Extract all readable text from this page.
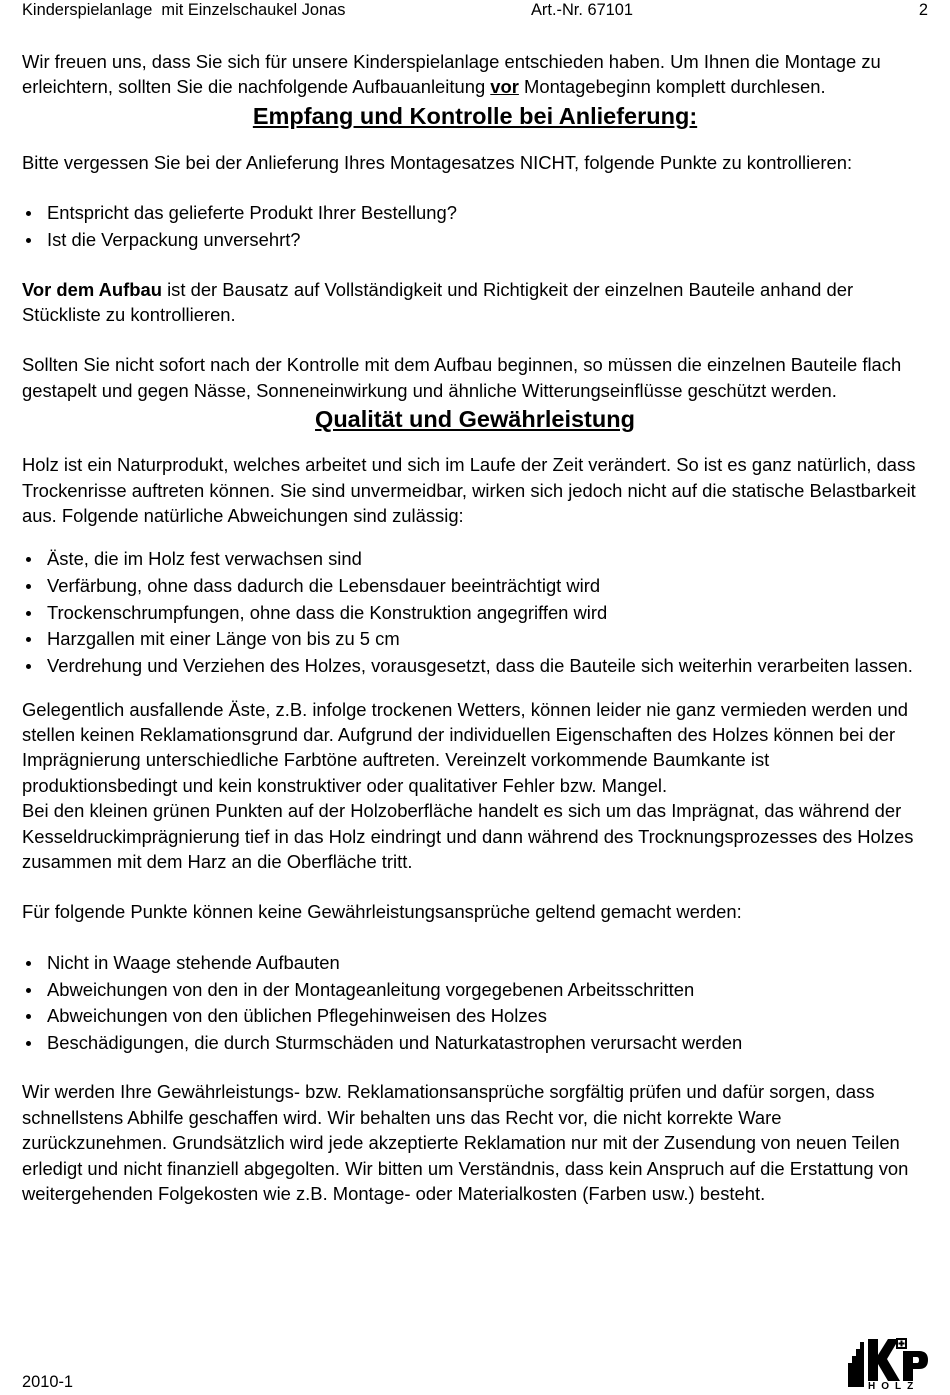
Kinderspielanlage  mit Einzelschaukel Jonas	Art.-Nr. 67101	2

Wir freuen uns, dass Sie sich für unsere Kinderspielanlage entschieden haben. Um Ihnen die Montage zu erleichtern, sollten Sie die nachfolgende Aufbauanleitung vor Montagebeginn komplett durchlesen.

Empfang und Kontrolle bei Anlieferung:

Bitte vergessen Sie bei der Anlieferung Ihres Montagesatzes NICHT, folgende Punkte zu kontrollieren:

Entspricht das gelieferte Produkt Ihrer Bestellung?
Ist die Verpackung unversehrt?

Vor dem Aufbau ist der Bausatz auf Vollständigkeit und Richtigkeit der einzelnen Bauteile anhand der Stückliste zu kontrollieren.

Sollten Sie nicht sofort nach der Kontrolle mit dem Aufbau beginnen, so müssen die einzelnen Bauteile flach gestapelt und gegen Nässe, Sonneneinwirkung und ähnliche Witterungseinflüsse geschützt werden.

Qualität und Gewährleistung

Holz ist ein Naturprodukt, welches arbeitet und sich im Laufe der Zeit verändert. So ist es ganz natürlich, dass Trockenrisse auftreten können. Sie sind unvermeidbar, wirken sich jedoch nicht auf die statische Belastbarkeit aus. Folgende natürliche Abweichungen sind zulässig:

Äste, die im Holz fest verwachsen sind
Verfärbung, ohne dass dadurch die Lebensdauer beeinträchtigt wird
Trockenschrumpfungen, ohne dass die Konstruktion angegriffen wird
Harzgallen mit einer Länge von bis zu 5 cm
Verdrehung und Verziehen des Holzes, vorausgesetzt, dass die Bauteile sich weiterhin verarbeiten lassen.

Gelegentlich ausfallende Äste, z.B. infolge trockenen Wetters, können leider nie ganz vermieden werden und stellen keinen Reklamationsgrund dar. Aufgrund der individuellen Eigenschaften des Holzes können bei der Imprägnierung unterschiedliche Farbtöne auftreten. Vereinzelt vorkommende Baumkante ist produktionsbedingt und kein konstruktiver oder qualitativer Fehler bzw. Mangel.

Bei den kleinen grünen Punkten auf der Holzoberfläche handelt es sich um das Imprägnat, das während der Kesseldruckimprägnierung tief in das Holz eindringt und dann während des Trocknungsprozesses des Holzes zusammen mit dem Harz an die Oberfläche tritt.

Für folgende Punkte können keine Gewährleistungsansprüche geltend gemacht werden:

Nicht in Waage stehende Aufbauten
Abweichungen von den in der Montageanleitung vorgegebenen Arbeitsschritten
Abweichungen von den üblichen Pflegehinweisen des Holzes
Beschädigungen, die durch Sturmschäden und Naturkatastrophen verursacht werden

Wir werden Ihre Gewährleistungs- bzw. Reklamationsansprüche sorgfältig prüfen und dafür sorgen, dass schnellstens Abhilfe geschaffen wird. Wir behalten uns das Recht vor, die nicht korrekte Ware zurückzunehmen. Grundsätzlich wird jede akzeptierte Reklamation nur mit der Zusendung von neuen Teilen erledigt und nicht finanziell abgegolten. Wir bitten um Verständnis, dass kein Anspruch auf die Erstattung von weitergehenden Folgekosten wie z.B. Montage- oder Materialkosten (Farben usw.) besteht.

2010-1	HOLZ
